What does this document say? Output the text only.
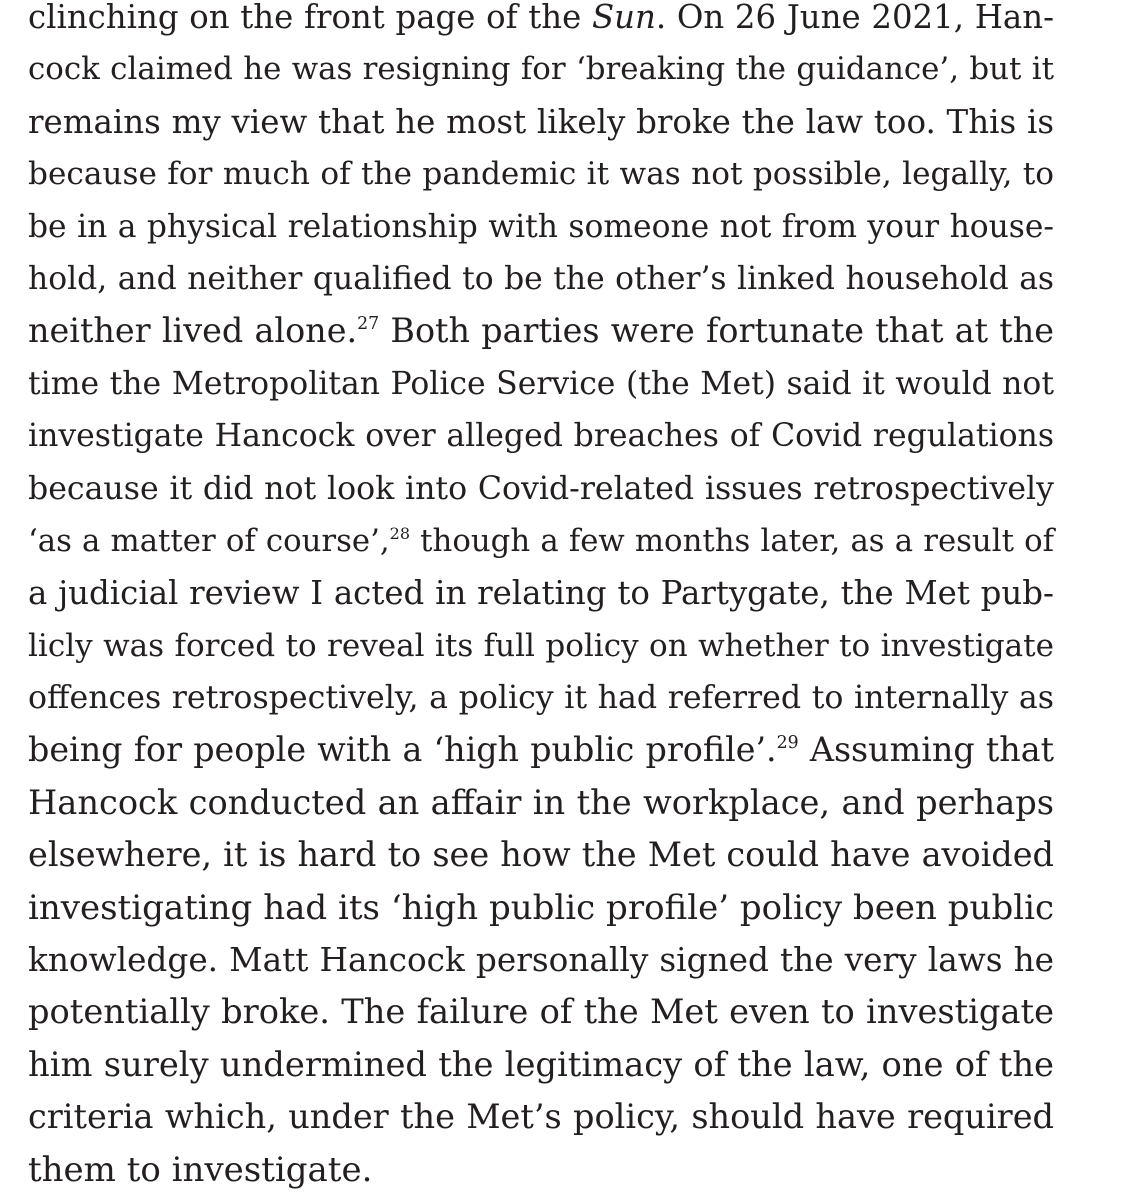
clinching on the front page of the Sun. On 26 June 2021, Han-
cock claimed he was resigning for ‘breaking the guidance’, but it
remains my view that he most likely broke the law too. This is
because for much of the pandemic it was not possible, legally, to
be in a physical relationship with someone not from your house-
hold, and neither qualified to be the other’s linked household as
neither lived alone.$^{27}$ Both parties were fortunate that at the
time the Metropolitan Police Service (the Met) said it would not
investigate Hancock over alleged breaches of Covid regulations
because it did not look into Covid-related issues retrospectively
‘as a matter of course’,$^{28}$ though a few months later, as a result of
a judicial review I acted in relating to Partygate, the Met pub-
licly was forced to reveal its full policy on whether to investigate
offences retrospectively, a policy it had referred to internally as
being for people with a ‘high public profile’.$^{29}$ Assuming that
Hancock conducted an affair in the workplace, and perhaps
elsewhere, it is hard to see how the Met could have avoided
investigating had its ‘high public profile’ policy been public
knowledge. Matt Hancock personally signed the very laws he
potentially broke. The failure of the Met even to investigate
him surely undermined the legitimacy of the law, one of the
criteria which, under the Met’s policy, should have required
them to investigate.
